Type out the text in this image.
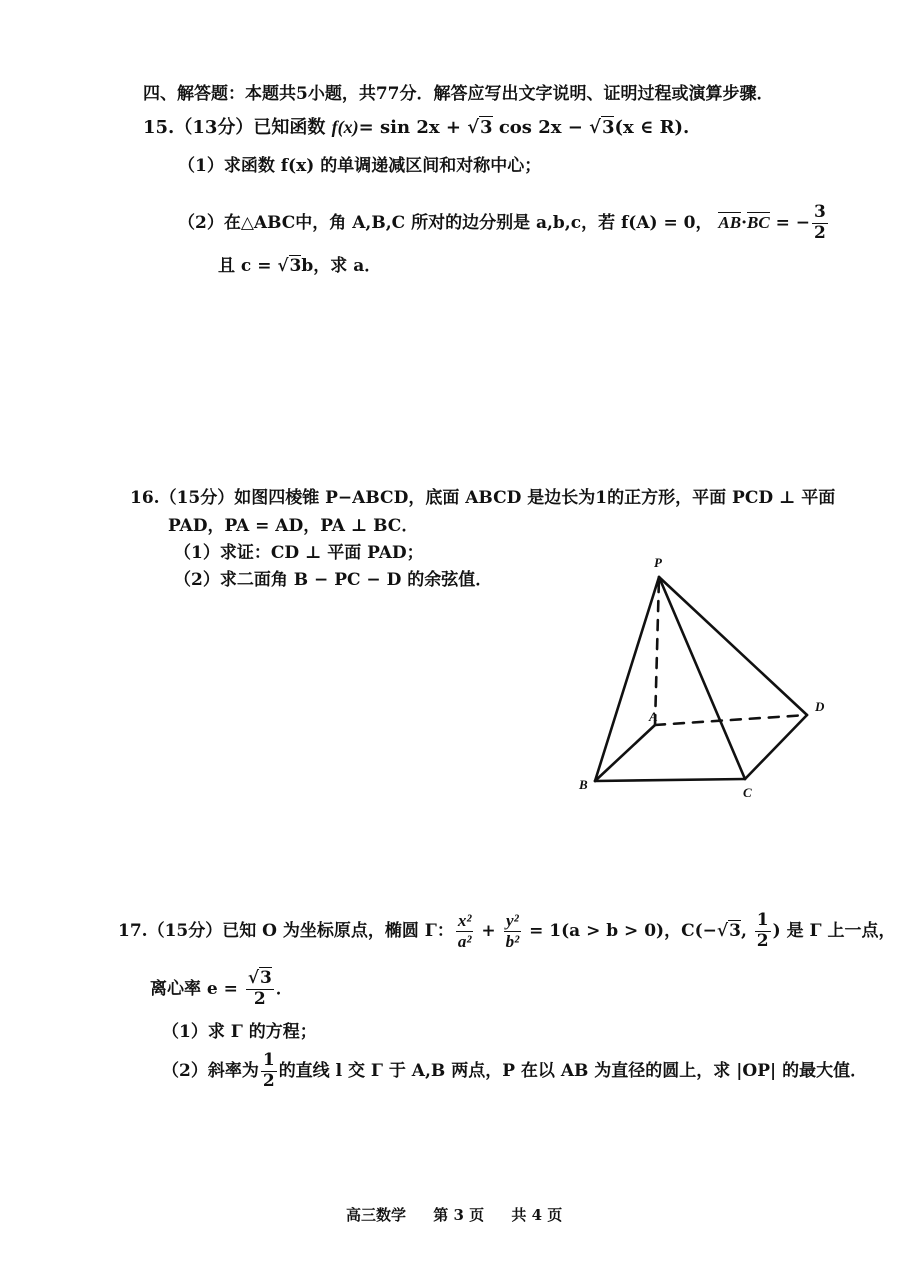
四、解答题：本题共5小题，共77分．解答应写出文字说明、证明过程或演算步骤．
15.（13分）已知函数 f(x)= sin 2x + √3 cos 2x − √3(x ∈ R).
（1）求函数 f(x) 的单调递减区间和对称中心；
（2）在△ABC中，角 A,B,C 所对的边分别是 a,b,c，若 f(A) = 0， AB·BC = − $\frac{3}{2}$
且 c = √3b，求 a．
16.（15分）如图四棱锥 P−ABCD，底面 ABCD 是边长为1的正方形，平面 PCD ⊥ 平面
PAD，PA = AD，PA ⊥ BC．
（1）求证：CD ⊥ 平面 PAD；
（2）求二面角 B − PC − D 的余弦值．
P
A
B
C
D
17.（15分）已知 O 为坐标原点，椭圆 Γ： $\frac{\text{x²}}{\text{a²}} + \frac{\text{y²}}{\text{b²}} = 1(a > b > 0)$，C(−√3, $\frac{1}{2}$ ) 是 Γ 上一点，
离心率 $e = \frac{√3}{2}$ ．
（1）求 Γ 的方程；
（2）斜率为 $\frac{1}{2}$ 的直线 l 交 Γ 于 A,B 两点，P 在以 AB 为直径的圆上，求 |OP| 的最大值．
高三数学 第 3 页 共 4 页
